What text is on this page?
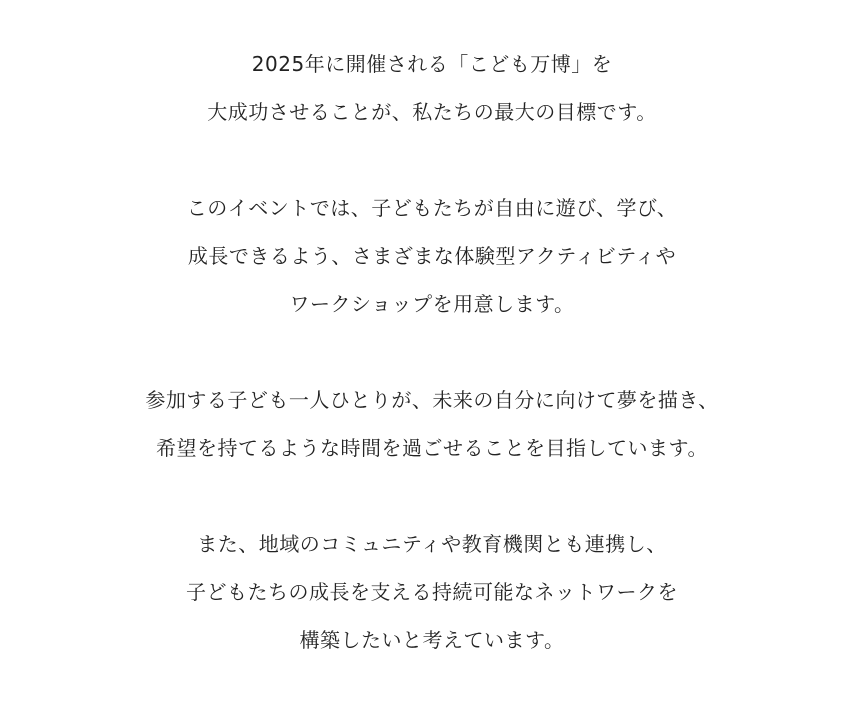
2025年に開催される「こども万博」を
大成功させることが、私たちの最大の目標です。
このイベントでは、子どもたちが自由に遊び、学び、
成長できるよう、さまざまな体験型アクティビティや
ワークショップを用意します。
参加する子ども一人ひとりが、未来の自分に向けて夢を描き、
希望を持てるような時間を過ごせることを目指しています。
また、地域のコミュニティや教育機関とも連携し、
子どもたちの成長を支える持続可能なネットワークを
構築したいと考えています。
